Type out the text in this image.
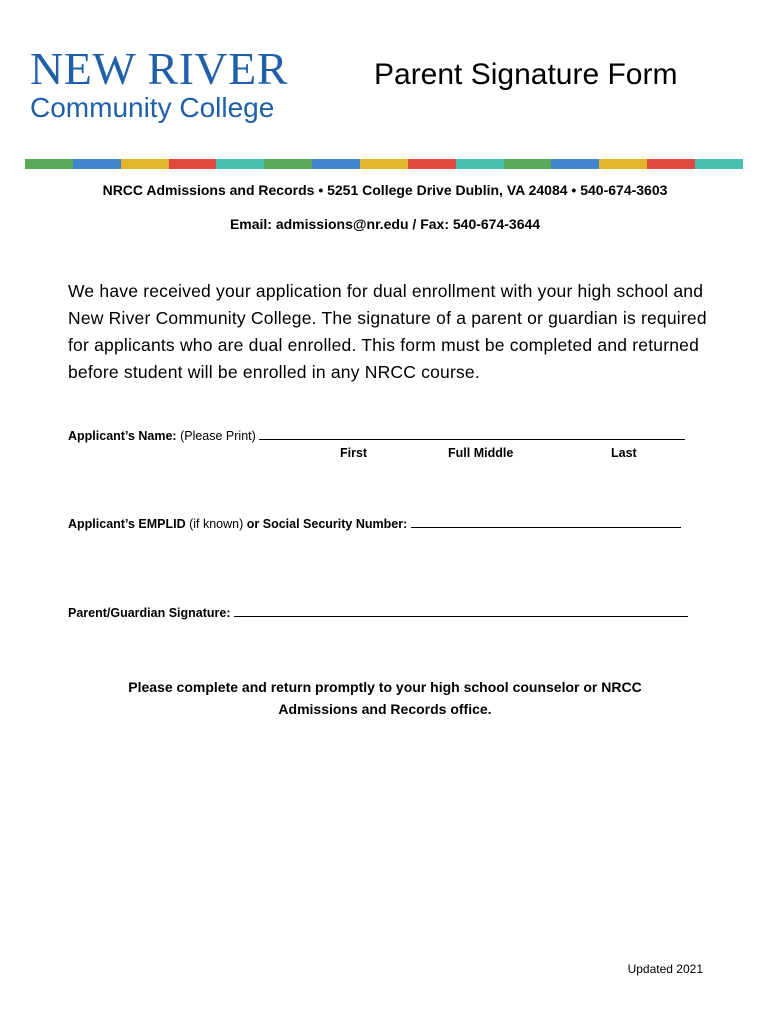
NEW RIVER
Community College
Parent Signature Form
NRCC Admissions and Records • 5251 College Drive Dublin, VA 24084 • 540-674-3603
Email: admissions@nr.edu / Fax: 540-674-3644
We have received your application for dual enrollment with your high school and New River Community College. The signature of a parent or guardian is required for applicants who are dual enrolled. This form must be completed and returned before student will be enrolled in any NRCC course.
Applicant’s Name: (Please Print)
First	Full Middle	Last
Applicant’s EMPLID (if known) or Social Security Number:
Parent/Guardian Signature:
Please complete and return promptly to your high school counselor or NRCC
Admissions and Records office.
Updated 2021
